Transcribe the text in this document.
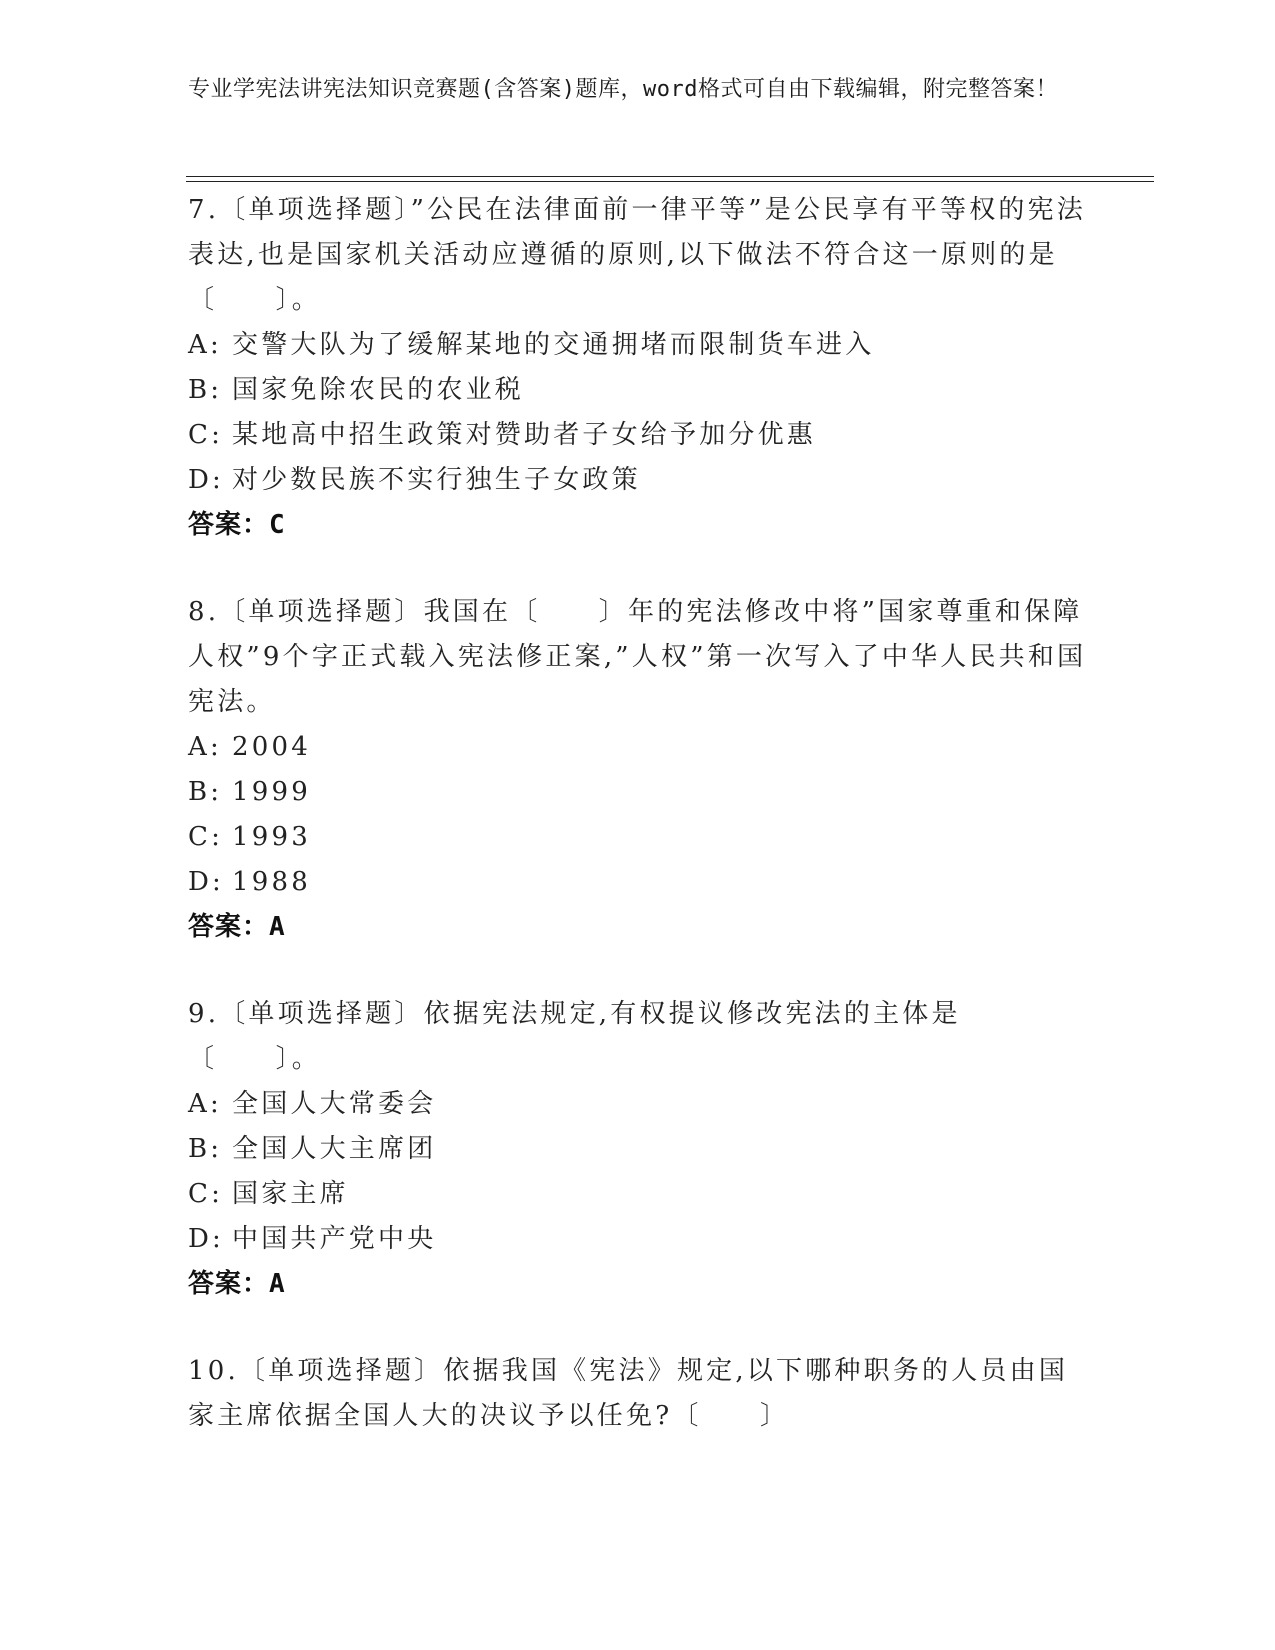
专业学宪法讲宪法知识竞赛题(含答案)题库，word格式可自由下载编辑，附完整答案！

7.〔单项选择题〕”公民在法律面前一律平等”是公民享有平等权的宪法表达,也是国家机关活动应遵循的原则,以下做法不符合这一原则的是〔　　〕。

A: 交警大队为了缓解某地的交通拥堵而限制货车进入

B: 国家免除农民的农业税

C: 某地高中招生政策对赞助者子女给予加分优惠

D: 对少数民族不实行独生子女政策

答案：C

8.〔单项选择题〕我国在〔　　〕年的宪法修改中将”国家尊重和保障人权”9个字正式载入宪法修正案,”人权”第一次写入了中华人民共和国宪法。

A: 2004

B: 1999

C: 1993

D: 1988

答案：A

9.〔单项选择题〕依据宪法规定,有权提议修改宪法的主体是〔　　〕。

A: 全国人大常委会

B: 全国人大主席团

C: 国家主席

D: 中国共产党中央

答案：A

10.〔单项选择题〕依据我国《宪法》规定,以下哪种职务的人员由国家主席依据全国人大的决议予以任免?〔　　〕
